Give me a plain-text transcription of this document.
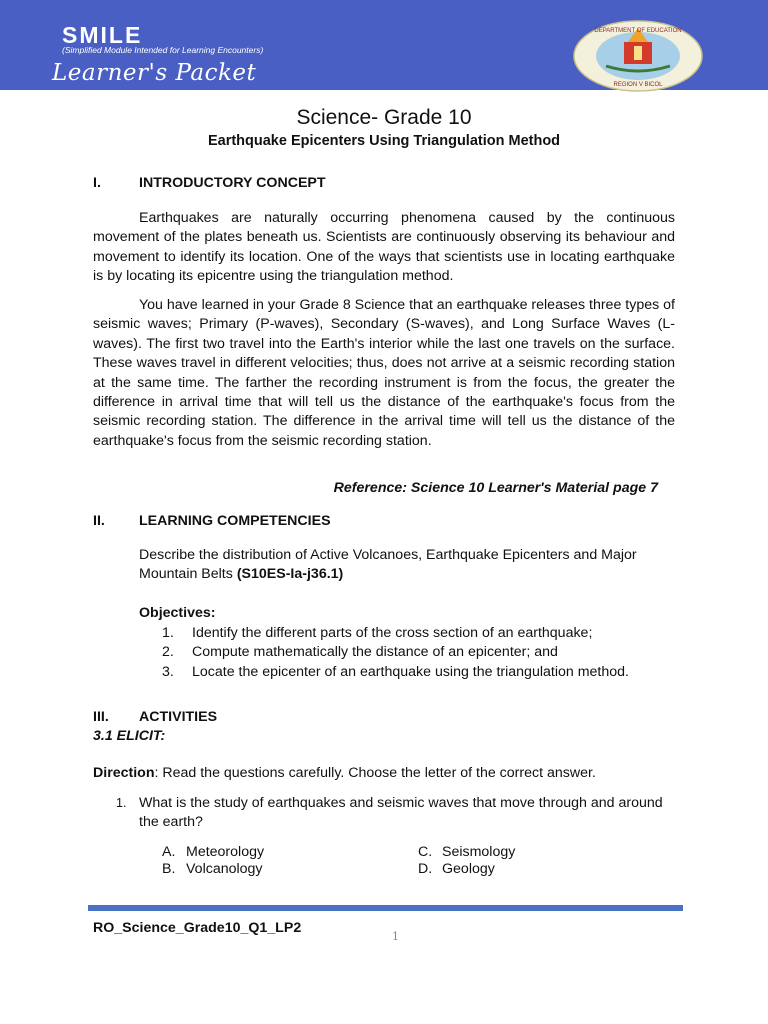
SMILE
(Simplified Module Intended for Learning Encounters)
Learner's Packet
DEPARTMENT OF EDUCATION
REGION V BICOL
Science- Grade 10
Earthquake Epicenters Using Triangulation Method
I.	INTRODUCTORY CONCEPT
Earthquakes are naturally occurring phenomena caused by the continuous movement of the plates beneath us. Scientists are continuously observing its behaviour and movement to identify its location. One of the ways that scientists use in locating earthquake is by locating its epicentre using the triangulation method.
You have learned in your Grade 8 Science that an earthquake releases three types of seismic waves; Primary (P-waves), Secondary (S-waves), and Long Surface Waves (L-waves). The first two travel into the Earth's interior while the last one travels on the surface. These waves travel in different velocities; thus, does not arrive at a seismic recording station at the same time. The farther the recording instrument is from the focus, the greater the difference in arrival time that will tell us the distance of the earthquake's focus from the seismic recording station. The difference in the arrival time will tell us the distance of the earthquake's focus from the seismic recording station.
Reference: Science 10 Learner's Material page 7
II. LEARNING COMPETENCIES
Describe the distribution of Active Volcanoes, Earthquake Epicenters and Major Mountain Belts (S10ES-Ia-j36.1)
Objectives:
1. Identify the different parts of the cross section of an earthquake;
2. Compute mathematically the distance of an epicenter; and
3. Locate the epicenter of an earthquake using the triangulation method.
III. ACTIVITIES
3.1 ELICIT:
Direction: Read the questions carefully. Choose the letter of the correct answer.
1. What is the study of earthquakes and seismic waves that move through and around the earth?
A. Meteorology	C. Seismology
B. Volcanology	D. Geology
RO_Science_Grade10_Q1_LP2
1
